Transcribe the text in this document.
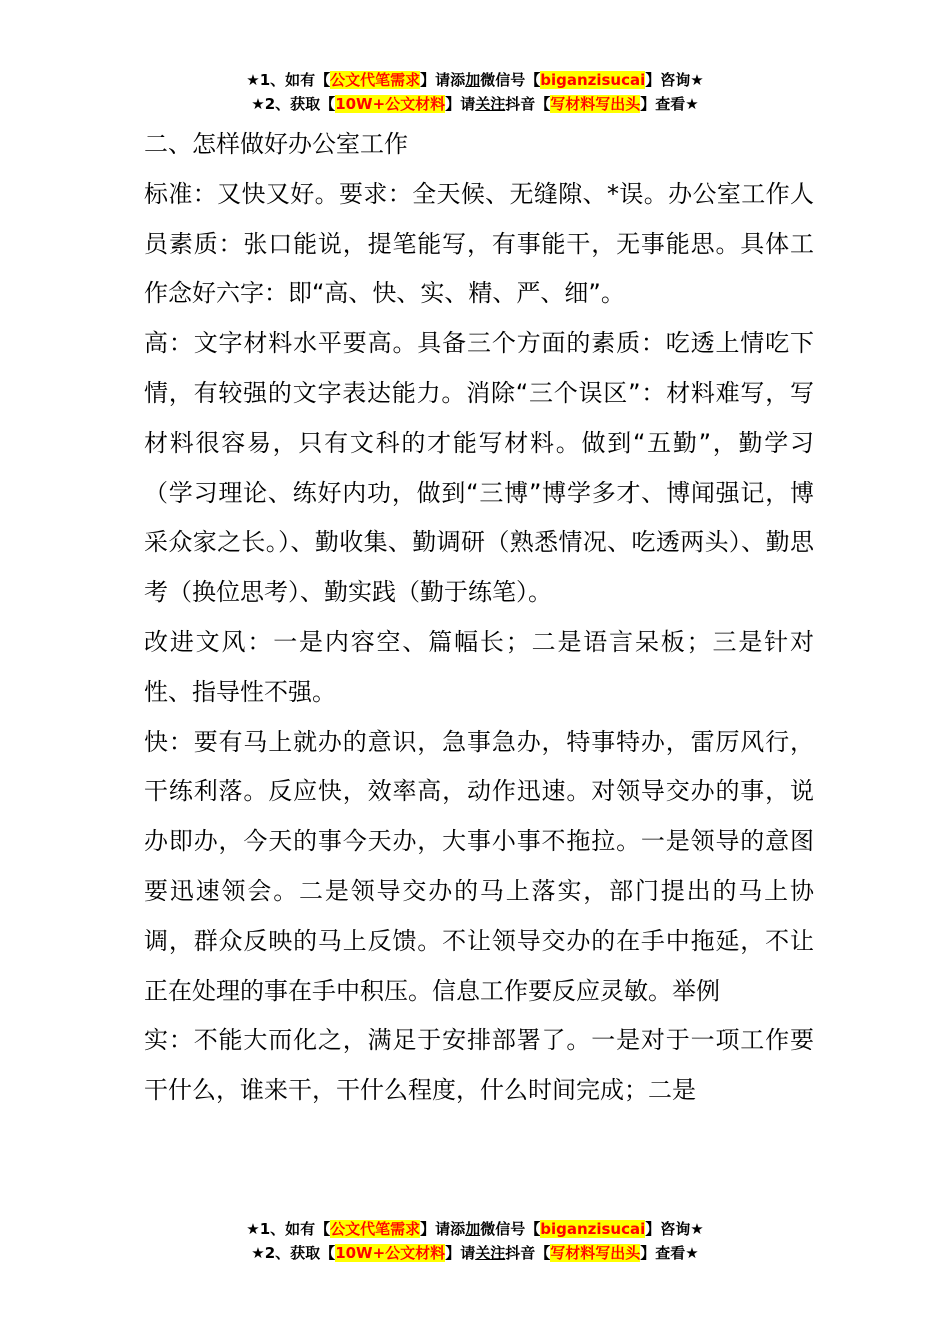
★1、如有【公文代笔需求】请添加微信号【biganzisucai】咨询★
★2、获取【10W+公文材料】请关注抖音【写材料写出头】查看★

二、怎样做好办公室工作

标准：又快又好。要求：全天候、无缝隙、*误。办公室工作人员素质：张口能说，提笔能写，有事能干，无事能思。具体工作念好六字：即“高、快、实、精、严、细”。

高：文字材料水平要高。具备三个方面的素质：吃透上情吃下情，有较强的文字表达能力。消除“三个误区”：材料难写，写材料很容易，只有文科的才能写材料。做到“五勤”，勤学习（学习理论、练好内功，做到“三博”博学多才、博闻强记，博采众家之长。）、勤收集、勤调研（熟悉情况、吃透两头）、勤思考（换位思考）、勤实践（勤于练笔）。

改进文风：一是内容空、篇幅长；二是语言呆板；三是针对性、指导性不强。

快：要有马上就办的意识，急事急办，特事特办，雷厉风行，干练利落。反应快，效率高，动作迅速。对领导交办的事，说办即办，今天的事今天办，大事小事不拖拉。一是领导的意图要迅速领会。二是领导交办的马上落实，部门提出的马上协调，群众反映的马上反馈。不让领导交办的在手中拖延，不让正在处理的事在手中积压。信息工作要反应灵敏。举例

实：不能大而化之，满足于安排部署了。一是对于一项工作要干什么，谁来干，干什么程度，什么时间完成；二是

★1、如有【公文代笔需求】请添加微信号【biganzisucai】咨询★
★2、获取【10W+公文材料】请关注抖音【写材料写出头】查看★
